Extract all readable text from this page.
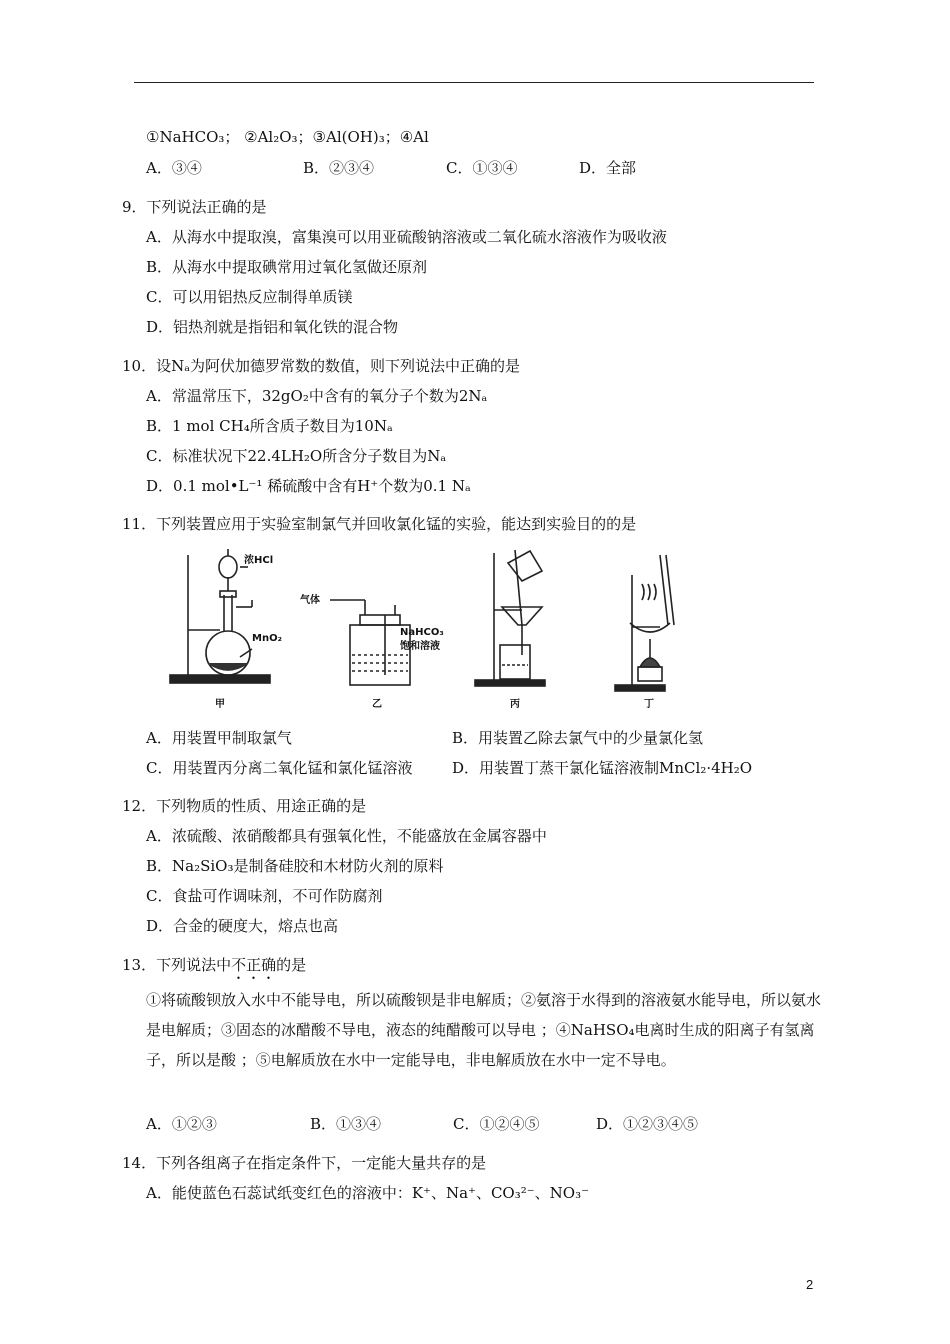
①NaHCO₃； ②Al₂O₃；③Al(OH)₃；④Al
A．③④	B．②③④	C．①③④	D．全部
9．下列说法正确的是
A．从海水中提取溴，富集溴可以用亚硫酸钠溶液或二氧化硫水溶液作为吸收液
B．从海水中提取碘常用过氧化氢做还原剂
C．可以用铝热反应制得单质镁
D．铝热剂就是指铝和氧化铁的混合物
10．设Nₐ为阿伏加德罗常数的数值，则下列说法中正确的是
A．常温常压下，32gO₂中含有的氧分子个数为2Nₐ
B．1 mol CH₄所含质子数目为10Nₐ
C．标准状况下22.4LH₂O所含分子数目为Nₐ
D．0.1 mol•L⁻¹ 稀硫酸中含有H⁺个数为0.1 Nₐ
11．下列装置应用于实验室制氯气并回收氯化锰的实验，能达到实验目的的是
浓HCl
MnO₂
气体
NaHCO₃
饱和溶液
甲	乙	丙	丁
A．用装置甲制取氯气	B．用装置乙除去氯气中的少量氯化氢
C．用装置丙分离二氧化锰和氯化锰溶液	D．用装置丁蒸干氯化锰溶液制MnCl₂·4H₂O
12．下列物质的性质、用途正确的是
A．浓硫酸、浓硝酸都具有强氧化性，不能盛放在金属容器中
B．Na₂SiO₃是制备硅胶和木材防火剂的原料
C．食盐可作调味剂，不可作防腐剂
D．合金的硬度大，熔点也高
13．下列说法中不正确的是
①将硫酸钡放入水中不能导电，所以硫酸钡是非电解质；②氨溶于水得到的溶液氨水能导电，所以氨水是电解质；③固态的冰醋酸不导电，液态的纯醋酸可以导电 ；④NaHSO₄电离时生成的阳离子有氢离子，所以是酸 ；⑤电解质放在水中一定能导电，非电解质放在水中一定不导电。
A．①②③	B．①③④	C．①②④⑤	D．①②③④⑤
14．下列各组离子在指定条件下，一定能大量共存的是
A．能使蓝色石蕊试纸变红色的溶液中：K⁺、Na⁺、CO₃²⁻、NO₃⁻
2
